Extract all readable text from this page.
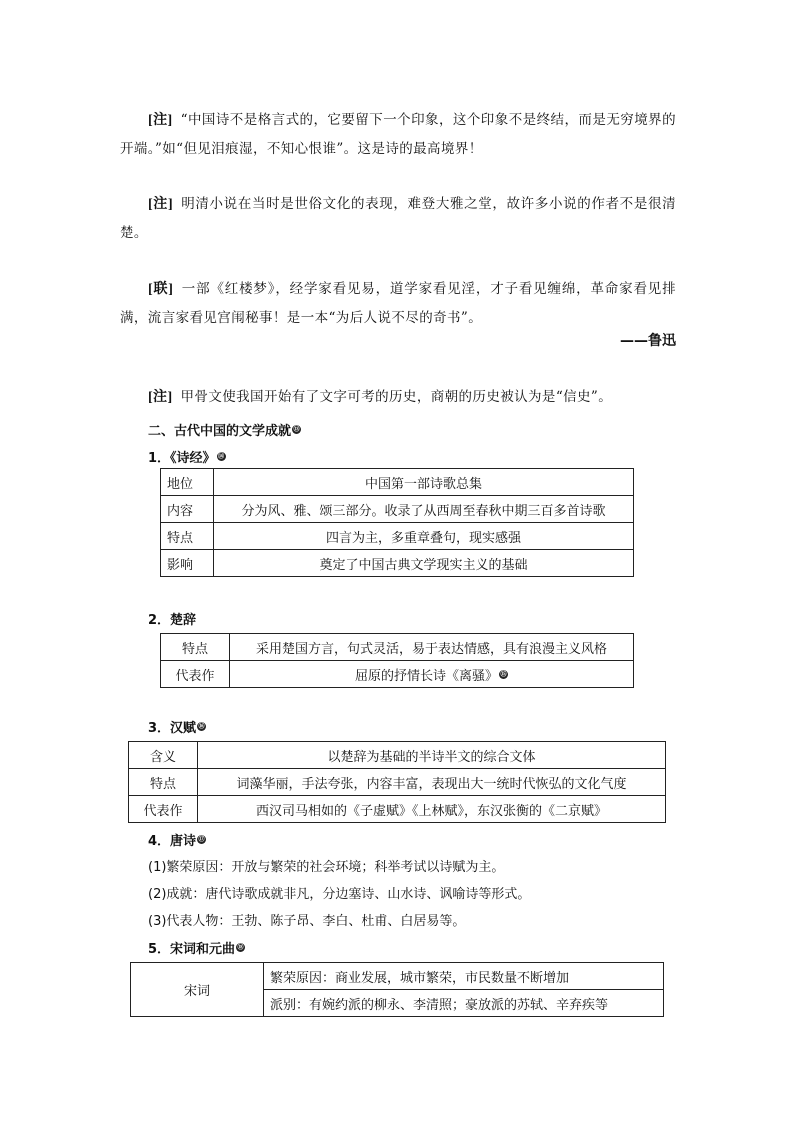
[注] “中国诗不是格言式的，它要留下一个印象，这个印象不是终结，而是无穷境界的开端。”如“但见泪痕湿，不知心恨谁”。这是诗的最高境界！

[注] 明清小说在当时是世俗文化的表现，难登大雅之堂，故许多小说的作者不是很清楚。

[联] 一部《红楼梦》，经学家看见易，道学家看见淫，才子看见缠绵，革命家看见排满，流言家看见宫闱秘事！是一本“为后人说不尽的奇书”。

——鲁迅

[注] 甲骨文使我国开始有了文字可考的历史，商朝的历史被认为是“信史”。

二、古代中国的文学成就 ⑬
1．《诗经》 ⑭
地位	中国第一部诗歌总集
内容	分为风、雅、颂三部分。收录了从西周至春秋中期三百多首诗歌
特点	四言为主，多重章叠句，现实感强
影响	奠定了中国古典文学现实主义的基础
2．楚辞
特点	采用楚国方言，句式灵活，易于表达情感，具有浪漫主义风格
代表作	屈原的抒情长诗《离骚》 ⑮
3．汉赋 ⑯
含义	以楚辞为基础的半诗半文的综合文体
特点	词藻华丽，手法夸张，内容丰富，表现出大一统时代恢弘的文化气度
代表作	西汉司马相如的《子虚赋》《上林赋》，东汉张衡的《二京赋》
4．唐诗 ⑰
(1)繁荣原因：开放与繁荣的社会环境；科举考试以诗赋为主。
(2)成就：唐代诗歌成就非凡，分边塞诗、山水诗、讽喻诗等形式。
(3)代表人物：王勃、陈子昂、李白、杜甫、白居易等。
5．宋词和元曲 ⑱
宋词	繁荣原因：商业发展，城市繁荣，市民数量不断增加
派别：有婉约派的柳永、李清照；豪放派的苏轼、辛弃疾等
